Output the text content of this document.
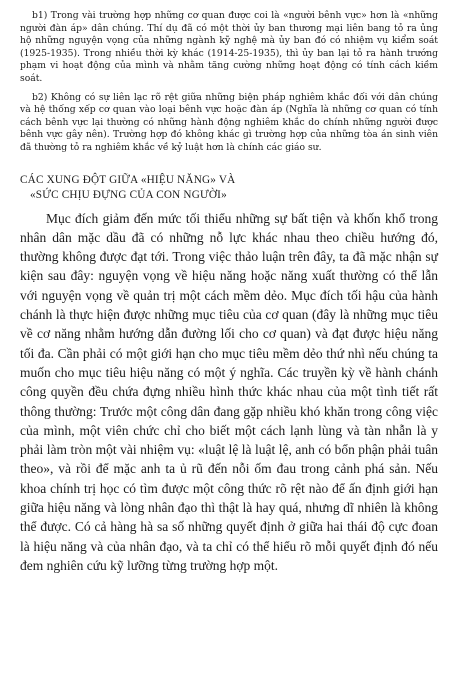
b1) Trong vài trường hợp những cơ quan được coi là «người bênh vực» hơn là «những người đàn áp» dân chúng. Thí dụ đã có một thời ủy ban thương mại liên bang tỏ ra ủng hộ những nguyện vọng của những ngành kỹ nghệ mà ủy ban đó có nhiệm vụ kiểm soát (1925-1935). Trong nhiều thời kỳ khác (1914-25-1935), thì ủy ban lại tỏ ra hành trướng phạm vi hoạt động của mình và nhằm tăng cường những hoạt động có tính cách kiềm soát.

b2) Không có sự liên lạc rõ rệt giữa những biện pháp nghiêm khắc đối với dân chúng và hệ thống xếp cơ quan vào loại bênh vực hoặc đàn áp (Nghĩa là những cơ quan có tính cách bênh vực lại thường có những hành động nghiêm khắc do chính những người được bênh vực gây nên). Trường hợp đó không khác gì trường hợp của những tòa án sinh viên đã thường tỏ ra nghiêm khắc về kỷ luật hơn là chính các giáo sư.

CÁC XUNG ĐỘT GIỮA «HIỆU NĂNG» VÀ
«SỨC CHỊU ĐỰNG CỦA CON NGƯỜI»

Mục đích giảm đến mức tối thiểu những sự bất tiện và khốn khổ trong nhân dân mặc dầu đã có những nỗ lực khác nhau theo chiều hướng đó, thường không được đạt tới. Trong việc thảo luận trên đây, ta đã mặc nhận sự kiện sau đây: nguyện vọng về hiệu năng hoặc năng xuất thường có thể lẫn với nguyện vọng về quản trị một cách mềm dẻo. Mục đích tối hậu của hành chánh là thực hiện được những mục tiêu của cơ quan (đây là những mục tiêu về cơ năng nhằm hướng dẫn đường lối cho cơ quan) và đạt được hiệu năng tối đa. Cần phải có một giới hạn cho mục tiêu mềm dẻo thứ nhì nếu chúng ta muốn cho mục tiêu hiệu năng có một ý nghĩa. Các truyền kỳ về hành chánh công quyền đều chứa đựng nhiều hình thức khác nhau của một tình tiết rất thông thường: Trước một công dân đang gặp nhiều khó khăn trong công việc của mình, một viên chức chỉ cho biết một cách lạnh lùng và tàn nhẫn là y phải làm tròn một vài nhiệm vụ: «luật lệ là luật lệ, anh có bổn phận phải tuân theo», và rồi để mặc anh ta ủ rũ đến nỗi ốm đau trong cảnh phá sản. Nếu khoa chính trị học có tìm được một công thức rõ rệt nào để ấn định giới hạn giữa hiệu năng và lòng nhân đạo thì thật là hay quá, nhưng dĩ nhiên là không thể được. Có cả hàng hà sa số những quyết định ở giữa hai thái độ cực đoan là hiệu năng và của nhân đạo, và ta chỉ có thể hiểu rõ mỗi quyết định đó nếu đem nghiên cứu kỹ lưỡng từng trường hợp một.
